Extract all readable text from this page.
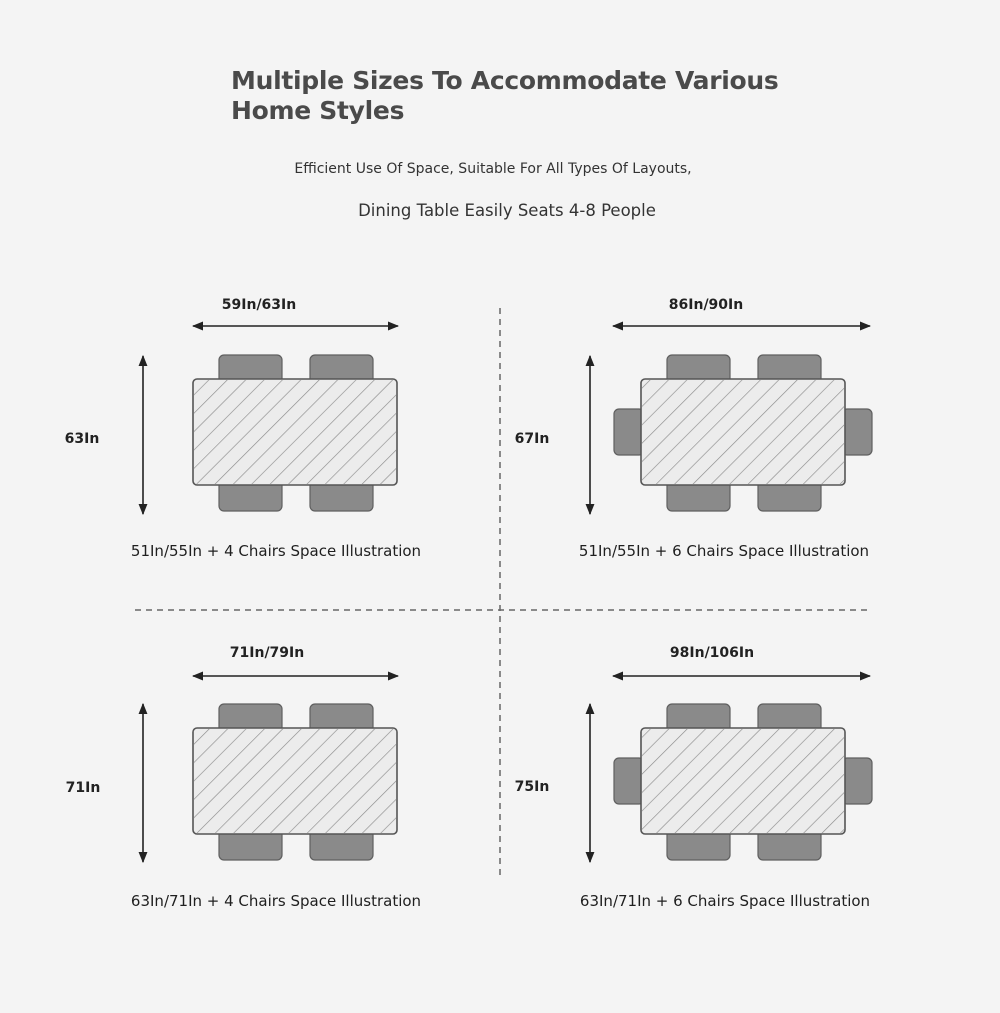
Multiple Sizes To Accommodate Various
Home Styles
Efficient Use Of Space, Suitable For All Types Of Layouts,
Dining Table Easily Seats 4-8 People
59In/63In
63In
51In/55In + 4 Chairs Space Illustration
86In/90In
67In
51In/55In + 6 Chairs Space Illustration
71In/79In
71In
63In/71In + 4 Chairs Space Illustration
98In/106In
75In
63In/71In + 6 Chairs Space Illustration
